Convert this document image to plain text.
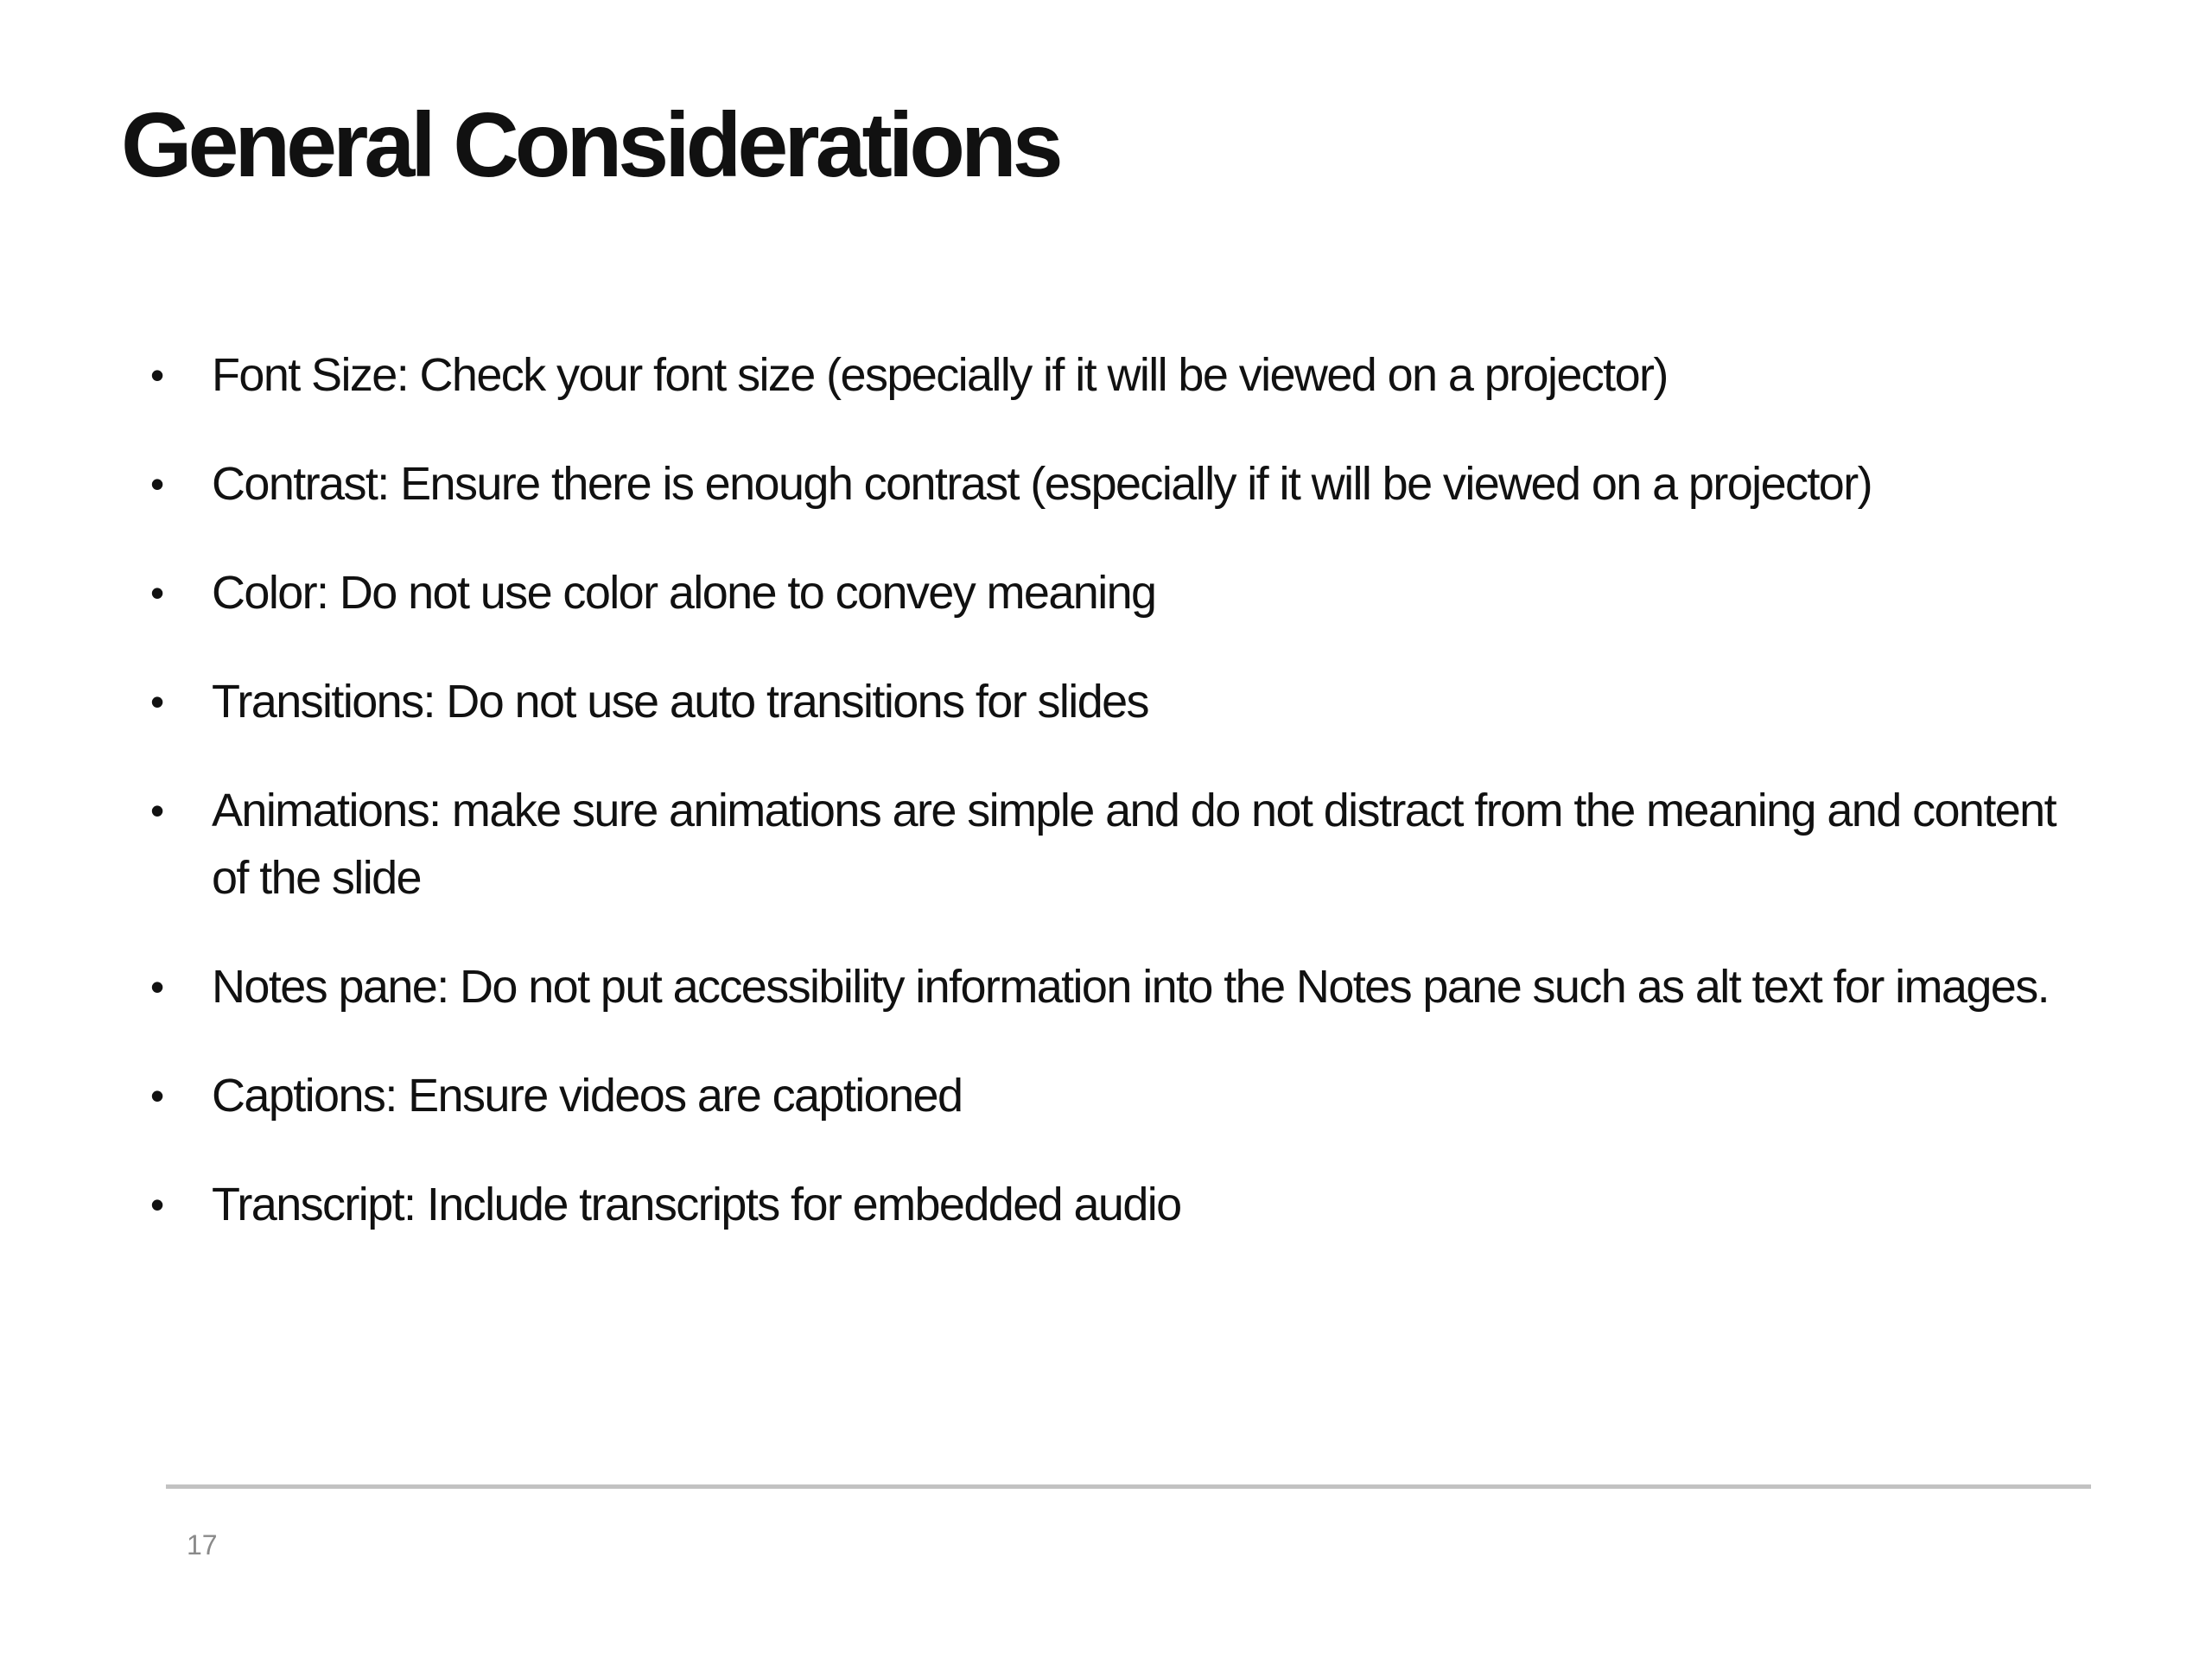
General Considerations
• Font Size: Check your font size (especially if it will be viewed on a projector)
• Contrast: Ensure there is enough contrast (especially if it will be viewed on a projector)
• Color: Do not use color alone to convey meaning
• Transitions: Do not use auto transitions for slides
• Animations: make sure animations are simple and do not distract from the meaning and content of the slide
• Notes pane: Do not put accessibility information into the Notes pane such as alt text for images.
• Captions: Ensure videos are captioned
• Transcript: Include transcripts for embedded audio
17
